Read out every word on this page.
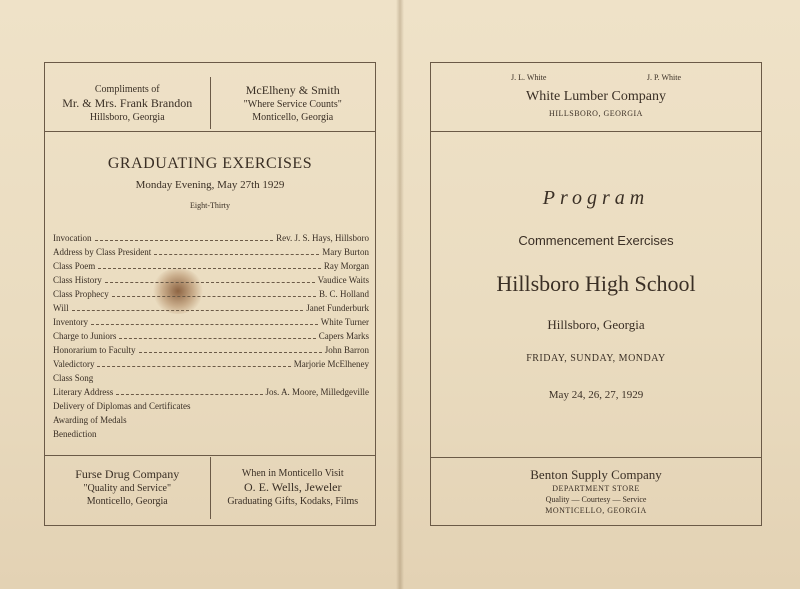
Compliments of
Mr. & Mrs. Frank Brandon
Hillsboro, Georgia
McElheny & Smith
"Where Service Counts"
Monticello, Georgia
GRADUATING EXERCISES
Monday Evening, May 27th 1929
Eight-Thirty
Invocation	Rev. J. S. Hays, Hillsboro
Address by Class President	Mary Burton
Class Poem	Ray Morgan
Class History	Vaudice Waits
Class Prophecy	B. C. Holland
Will	Janet Funderburk
Inventory	White Turner
Charge to Juniors	Capers Marks
Honorarium to Faculty	John Barron
Valedictory	Marjorie McElheney
Class Song
Literary Address	Jos. A. Moore, Milledgeville
Delivery of Diplomas and Certificates
Awarding of Medals
Benediction
Furse Drug Company
"Quality and Service"
Monticello, Georgia
When in Monticello Visit
O. E. Wells, Jeweler
Graduating Gifts, Kodaks, Films
J. L. White	J. P. White
White Lumber Company
HILLSBORO, GEORGIA
Program
Commencement Exercises
Hillsboro High School
Hillsboro, Georgia
FRIDAY, SUNDAY, MONDAY
May 24, 26, 27, 1929
Benton Supply Company
DEPARTMENT STORE
Quality — Courtesy — Service
MONTICELLO, GEORGIA
